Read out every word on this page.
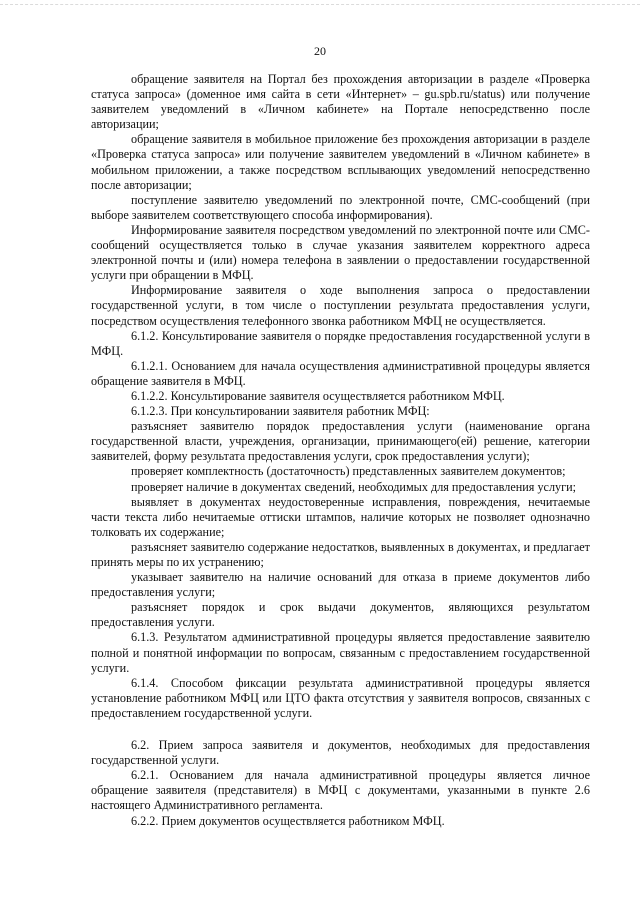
20

обращение заявителя на Портал без прохождения авторизации в разделе «Проверка статуса запроса» (доменное имя сайта в сети «Интернет» – gu.spb.ru/status) или получение заявителем уведомлений в «Личном кабинете» на Портале непосредственно после авторизации;

обращение заявителя в мобильное приложение без прохождения авторизации в разделе «Проверка статуса запроса» или получение заявителем уведомлений в «Личном кабинете» в мобильном приложении, а также посредством всплывающих уведомлений непосредственно после авторизации;

поступление заявителю уведомлений по электронной почте, СМС-сообщений (при выборе заявителем соответствующего способа информирования).

Информирование заявителя посредством уведомлений по электронной почте или СМС-сообщений осуществляется только в случае указания заявителем корректного адреса электронной почты и (или) номера телефона в заявлении о предоставлении государственной услуги при обращении в МФЦ.

Информирование заявителя о ходе выполнения запроса о предоставлении государственной услуги, в том числе о поступлении результата предоставления услуги, посредством осуществления телефонного звонка работником МФЦ не осуществляется.

6.1.2. Консультирование заявителя о порядке предоставления государственной услуги в МФЦ.

6.1.2.1. Основанием для начала осуществления административной процедуры является обращение заявителя в МФЦ.

6.1.2.2. Консультирование заявителя осуществляется работником МФЦ.

6.1.2.3. При консультировании заявителя работник МФЦ:

разъясняет заявителю порядок предоставления услуги (наименование органа государственной власти, учреждения, организации, принимающего(ей) решение, категории заявителей, форму результата предоставления услуги, срок предоставления услуги);

проверяет комплектность (достаточность) представленных заявителем документов;

проверяет наличие в документах сведений, необходимых для предоставления услуги;

выявляет в документах неудостоверенные исправления, повреждения, нечитаемые части текста либо нечитаемые оттиски штампов, наличие которых не позволяет однозначно толковать их содержание;

разъясняет заявителю содержание недостатков, выявленных в документах, и предлагает принять меры по их устранению;

указывает заявителю на наличие оснований для отказа в приеме документов либо предоставления услуги;

разъясняет порядок и срок выдачи документов, являющихся результатом предоставления услуги.

6.1.3. Результатом административной процедуры является предоставление заявителю полной и понятной информации по вопросам, связанным с предоставлением государственной услуги.

6.1.4. Способом фиксации результата административной процедуры является установление работником МФЦ или ЦТО факта отсутствия у заявителя вопросов, связанных с предоставлением государственной услуги.

6.2. Прием запроса заявителя и документов, необходимых для предоставления государственной услуги.

6.2.1. Основанием для начала административной процедуры является личное обращение заявителя (представителя) в МФЦ с документами, указанными в пункте 2.6 настоящего Административного регламента.

6.2.2. Прием документов осуществляется работником МФЦ.
